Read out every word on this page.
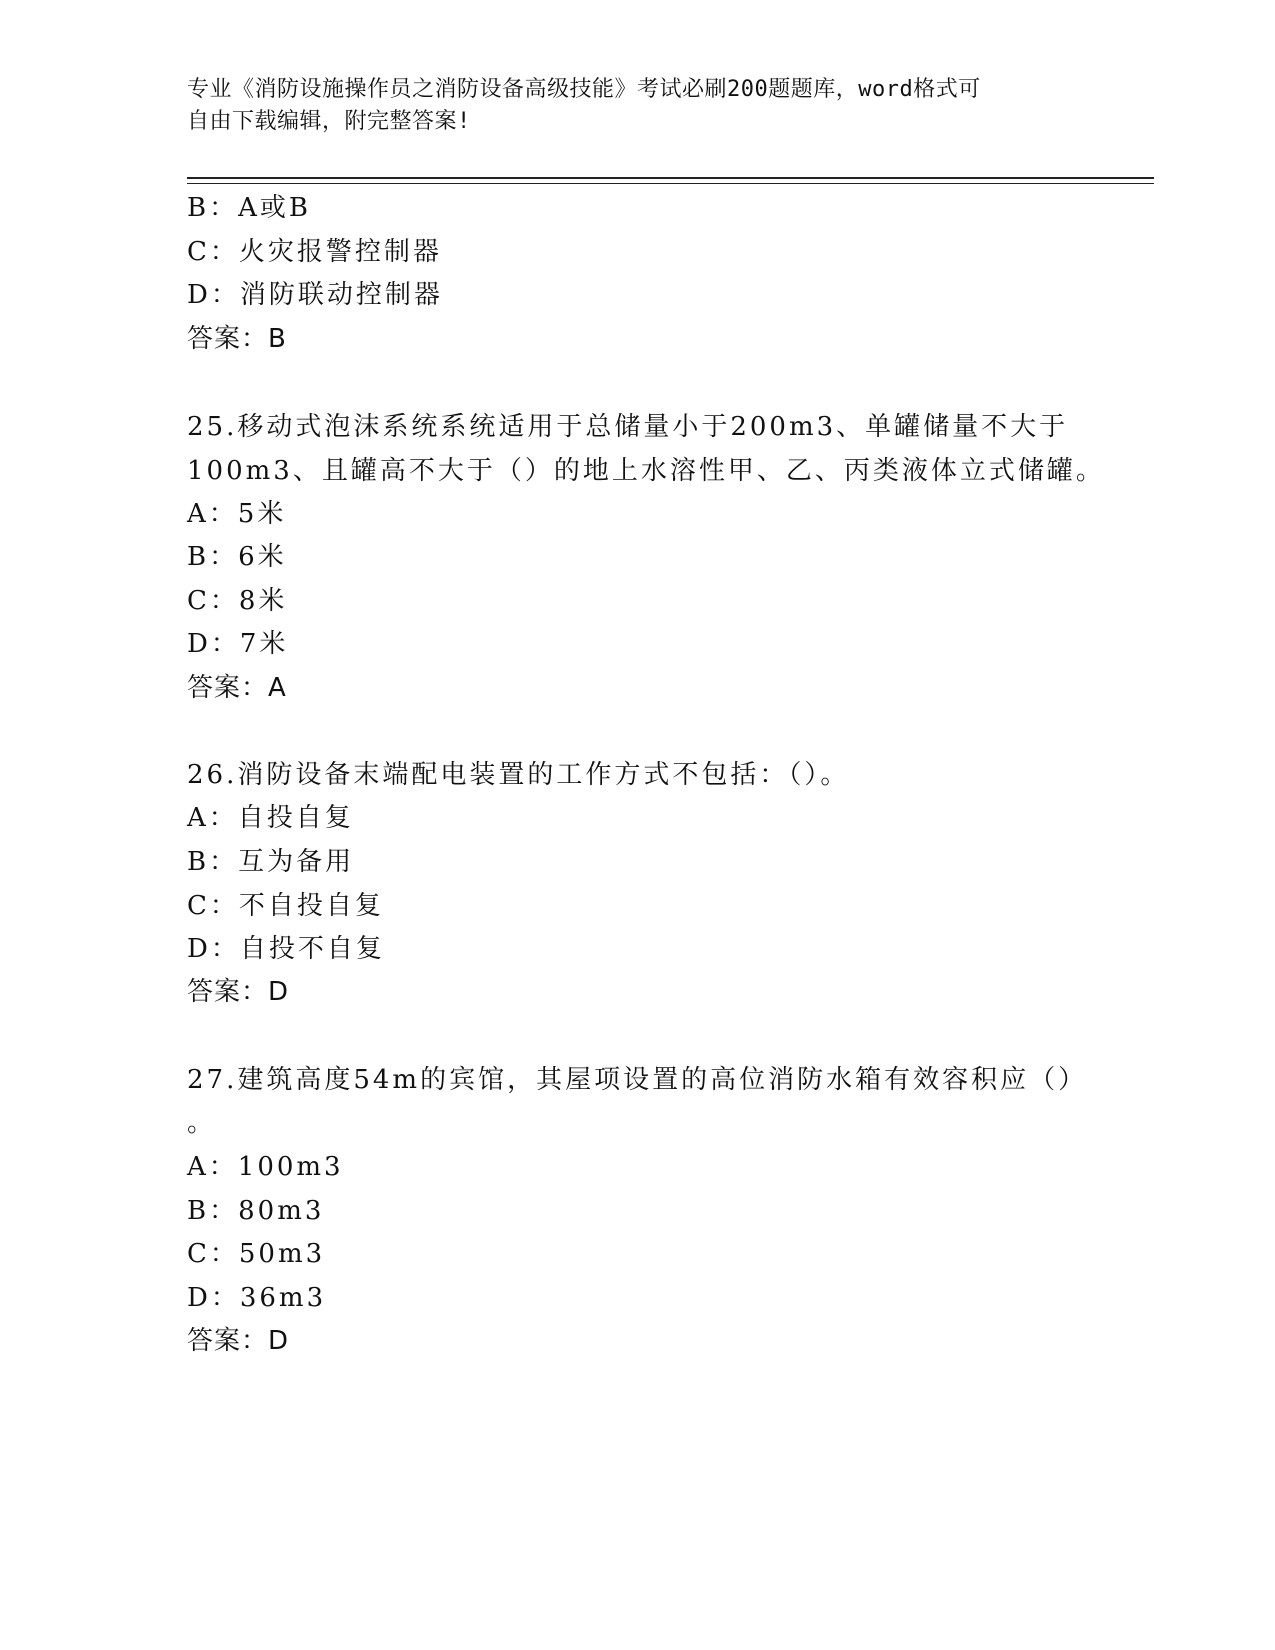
专业《消防设施操作员之消防设备高级技能》考试必刷200题题库，word格式可
自由下载编辑，附完整答案!
B：A或B
C：火灾报警控制器
D：消防联动控制器
答案：B
25.移动式泡沫系统系统适用于总储量小于200m3、单罐储量不大于
100m3、且罐高不大于（）的地上水溶性甲、乙、丙类液体立式储罐。
A：5米
B：6米
C：8米
D：7米
答案：A
26.消防设备末端配电装置的工作方式不包括：（）。
A：自投自复
B：互为备用
C：不自投自复
D：自投不自复
答案：D
27.建筑高度54m的宾馆，其屋项设置的高位消防水箱有效容积应（）
。
A：100m3
B：80m3
C：50m3
D：36m3
答案：D
